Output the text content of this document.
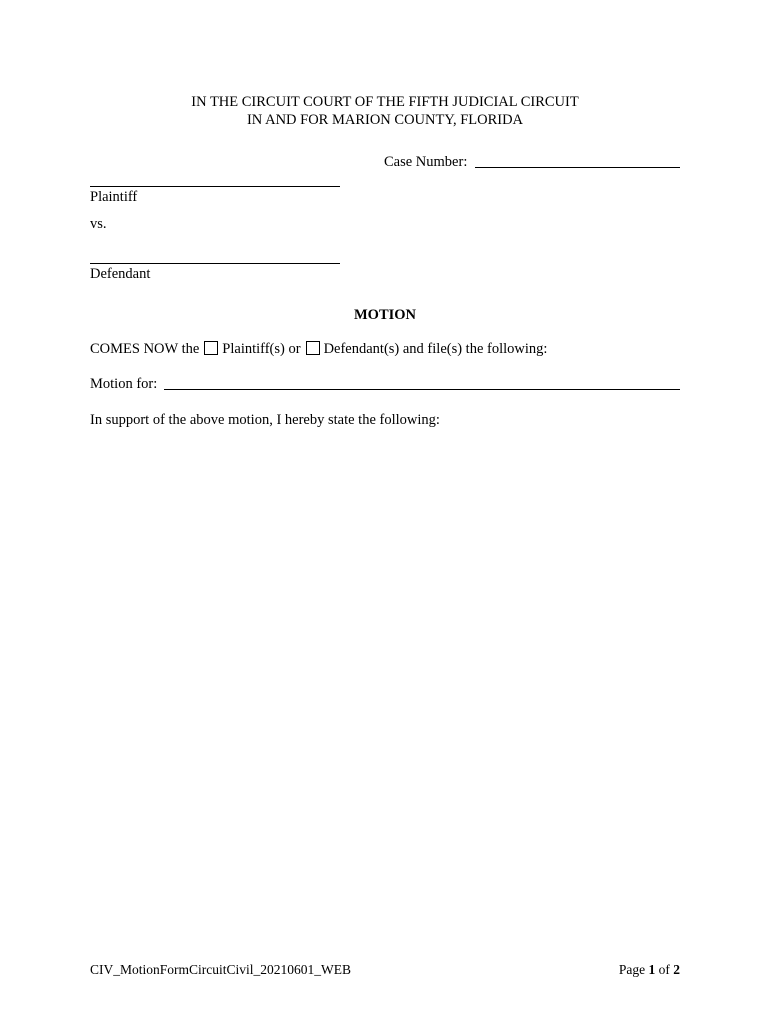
IN THE CIRCUIT COURT OF THE FIFTH JUDICIAL CIRCUIT
IN AND FOR MARION COUNTY, FLORIDA
Case Number:
Plaintiff
vs.
Defendant
MOTION
COMES NOW the Plaintiff(s) or Defendant(s) and file(s) the following:
Motion for:
In support of the above motion, I hereby state the following:
CIV_MotionFormCircuitCivil_20210601_WEB	Page 1 of 2
